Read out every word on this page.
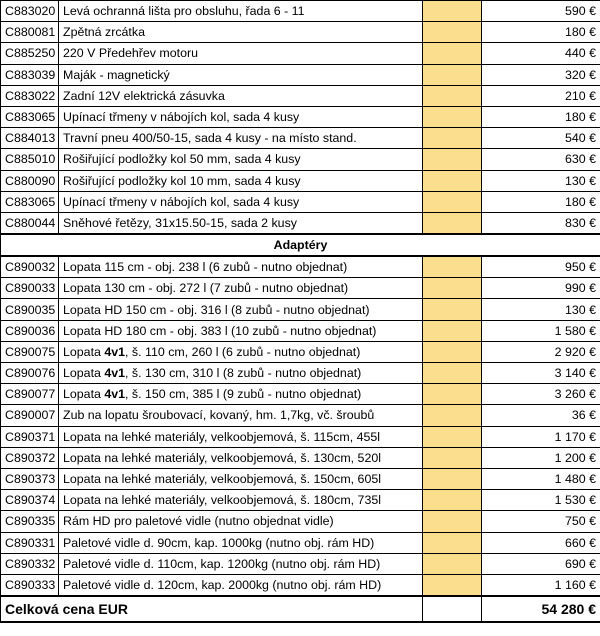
C883020	Levá ochranná lišta pro obsluhu, řada 6 - 11		590 €
C880081	Zpětná zrcátka		180 €
C885250	220 V Předehřev motoru		440 €
C883039	Maják - magnetický		320 €
C883022	Zadní 12V elektrická zásuvka		210 €
C883065	Upínací třmeny v nábojích kol, sada 4 kusy		180 €
C884013	Travní pneu 400/50-15, sada 4 kusy - na místo stand.		540 €
C885010	Rošiřující podložky kol 50 mm, sada 4 kusy		630 €
C880090	Rošiřující podložky kol 10 mm, sada 4 kusy		130 €
C883065	Upínací třmeny v nábojích kol, sada 4 kusy		180 €
C880044	Sněhové řetězy, 31x15.50-15, sada 2 kusy		830 €
Adaptéry			
C890032	Lopata 115 cm - obj. 238 l (6 zubů - nutno objednat)		950 €
C890033	Lopata 130 cm - obj. 272 l (7 zubů - nutno objednat)		990 €
C890035	Lopata HD 150 cm - obj. 316 l (8 zubů - nutno objednat)		130 €
C890036	Lopata HD 180 cm - obj. 383 l (10 zubů - nutno objednat)		1 580 €
C890075	Lopata 4v1, š. 110 cm, 260 l (6 zubů - nutno objednat)		2 920 €
C890076	Lopata 4v1, š. 130 cm, 310 l (8 zubů - nutno objednat)		3 140 €
C890077	Lopata 4v1, š. 150 cm, 385 l (9 zubů - nutno objednat)		3 260 €
C890007	Zub na lopatu šroubovací, kovaný, hm. 1,7kg, vč. šroubů		36 €
C890371	Lopata na lehké materiály, velkoobjemová, š. 115cm, 455l		1 170 €
C890372	Lopata na lehké materiály, velkoobjemová, š. 130cm, 520l		1 200 €
C890373	Lopata na lehké materiály, velkoobjemová, š. 150cm, 605l		1 480 €
C890374	Lopata na lehké materiály, velkoobjemová, š. 180cm, 735l		1 530 €
C890335	Rám HD pro paletové vidle (nutno objednat vidle)		750 €
C890331	Paletové vidle d. 90cm, kap. 1000kg (nutno obj. rám HD)		660 €
C890332	Paletové vidle d. 110cm, kap. 1200kg (nutno obj. rám HD)		690 €
C890333	Paletové vidle d. 120cm, kap. 2000kg (nutno obj. rám HD)		1 160 €
Celková cena EUR			54 280 €
